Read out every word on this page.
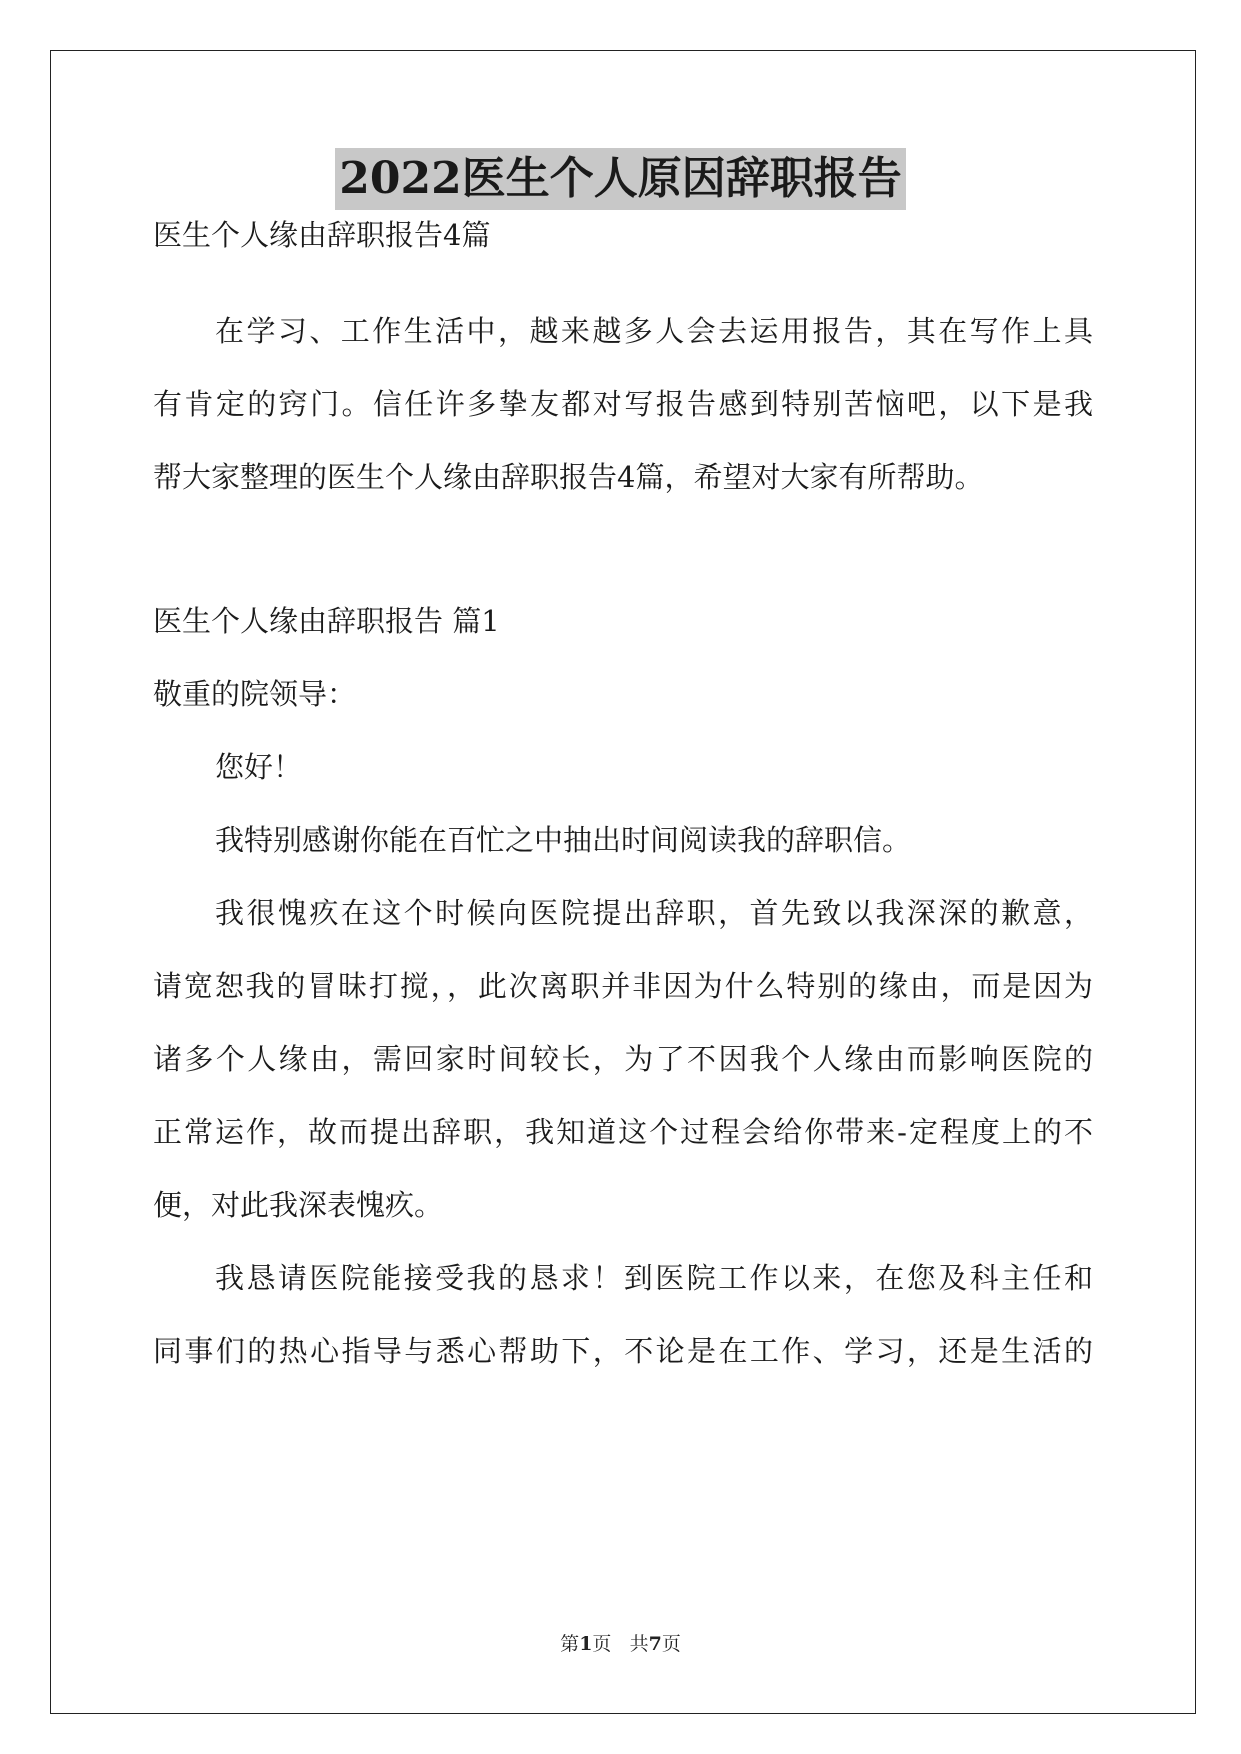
2022医生个人原因辞职报告
医生个人缘由辞职报告4篇
在学习、工作生活中，越来越多人会去运用报告，其在写作上具
有肯定的窍门。信任许多挚友都对写报告感到特别苦恼吧，以下是我
帮大家整理的医生个人缘由辞职报告4篇，希望对大家有所帮助。
医生个人缘由辞职报告 篇1
敬重的院领导：
您好！
我特别感谢你能在百忙之中抽出时间阅读我的辞职信。
我很愧疚在这个时候向医院提出辞职，首先致以我深深的歉意，
请宽恕我的冒昧打搅，，此次离职并非因为什么特别的缘由，而是因为
诸多个人缘由，需回家时间较长，为了不因我个人缘由而影响医院的
正常运作，故而提出辞职，我知道这个过程会给你带来-定程度上的不
便，对此我深表愧疚。
我恳请医院能接受我的恳求！到医院工作以来，在您及科主任和
同事们的热心指导与悉心帮助下，不论是在工作、学习，还是生活的
第1页 共7页
